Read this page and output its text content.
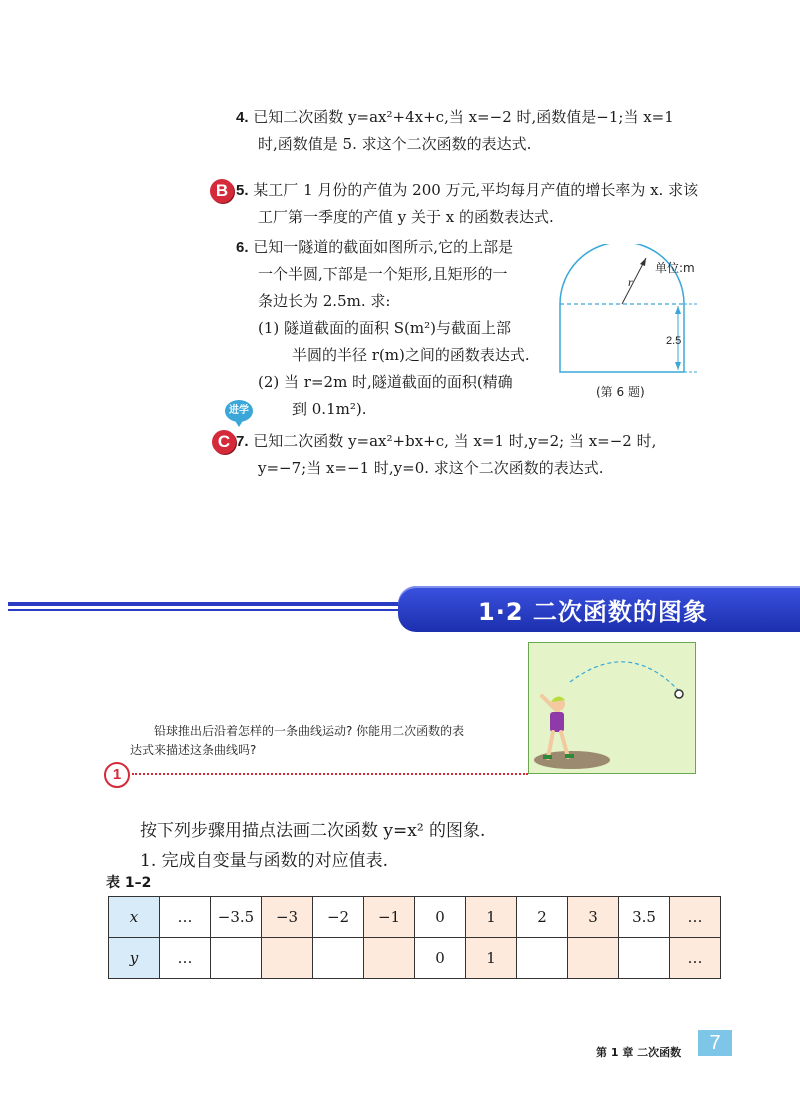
4. 已知二次函数 y=ax²+4x+c,当 x=−2 时,函数值是−1;当 x=1
时,函数值是 5. 求这个二次函数的表达式.
B 5. 某工厂 1 月份的产值为 200 万元,平均每月产值的增长率为 x. 求该
工厂第一季度的产值 y 关于 x 的函数表达式.
6. 已知一隧道的截面如图所示,它的上部是
一个半圆,下部是一个矩形,且矩形的一
条边长为 2.5m. 求:
(1) 隧道截面的面积 S(m²)与截面上部
半圆的半径 r(m)之间的函数表达式.
(2) 当 r=2m 时,隧道截面的面积(精确
到 0.1m²).
r
单位:m
2.5
(第 6 题)
进学
C 7. 已知二次函数 y=ax²+bx+c, 当 x=1 时,y=2; 当 x=−2 时,
y=−7;当 x=−1 时,y=0. 求这个二次函数的表达式.
1·2 二次函数的图象
铅球推出后沿着怎样的一条曲线运动? 你能用二次函数的表
达式来描述这条曲线吗?
1
按下列步骤用描点法画二次函数 y=x² 的图象.
1. 完成自变量与函数的对应值表.
表 1–2
x	…	−3.5	−3	−2	−1	0	1	2	3	3.5	…
y	…					0	1				…
第 1 章 二次函数	7
